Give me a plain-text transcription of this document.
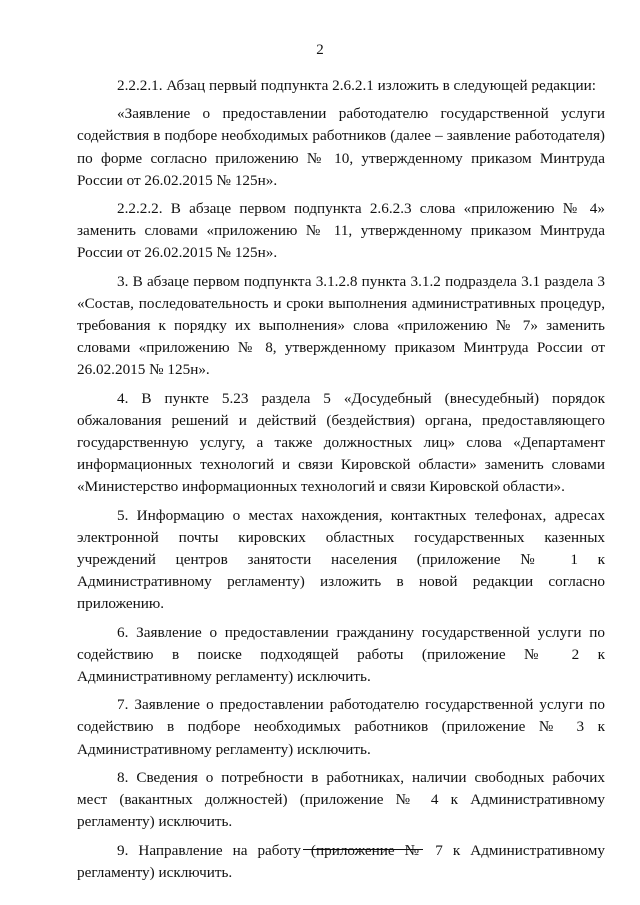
2

2.2.2.1. Абзац первый подпункта 2.6.2.1 изложить в следующей редакции:

«Заявление о предоставлении работодателю государственной услуги содействия в подборе необходимых работников (далее – заявление работодателя) по форме согласно приложению № 10, утвержденному приказом Минтруда России от 26.02.2015 № 125н».

2.2.2.2. В абзаце первом подпункта 2.6.2.3 слова «приложению № 4» заменить словами «приложению № 11, утвержденному приказом Минтруда России от 26.02.2015 № 125н».

3. В абзаце первом подпункта 3.1.2.8 пункта 3.1.2 подраздела 3.1 раздела 3 «Состав, последовательность и сроки выполнения административных процедур, требования к порядку их выполнения» слова «приложению № 7» заменить словами «приложению № 8, утвержденному приказом Минтруда России от 26.02.2015 № 125н».

4. В пункте 5.23 раздела 5 «Досудебный (внесудебный) порядок обжалования решений и действий (бездействия) органа, предоставляющего государственную услугу, а также должностных лиц» слова «Департамент информационных технологий и связи Кировской области» заменить словами «Министерство информационных технологий и связи Кировской области».

5. Информацию о местах нахождения, контактных телефонах, адресах электронной почты кировских областных государственных казенных учреждений центров занятости населения (приложение № 1 к Административному регламенту) изложить в новой редакции согласно приложению.

6. Заявление о предоставлении гражданину государственной услуги по содействию в поиске подходящей работы (приложение № 2 к Административному регламенту) исключить.

7. Заявление о предоставлении работодателю государственной услуги по содействию в подборе необходимых работников (приложение № 3 к Административному регламенту) исключить.

8. Сведения о потребности в работниках, наличии свободных рабочих мест (вакантных должностей) (приложение № 4 к Административному регламенту) исключить.

9. Направление на работу (приложение № 7 к Административному регламенту) исключить.
